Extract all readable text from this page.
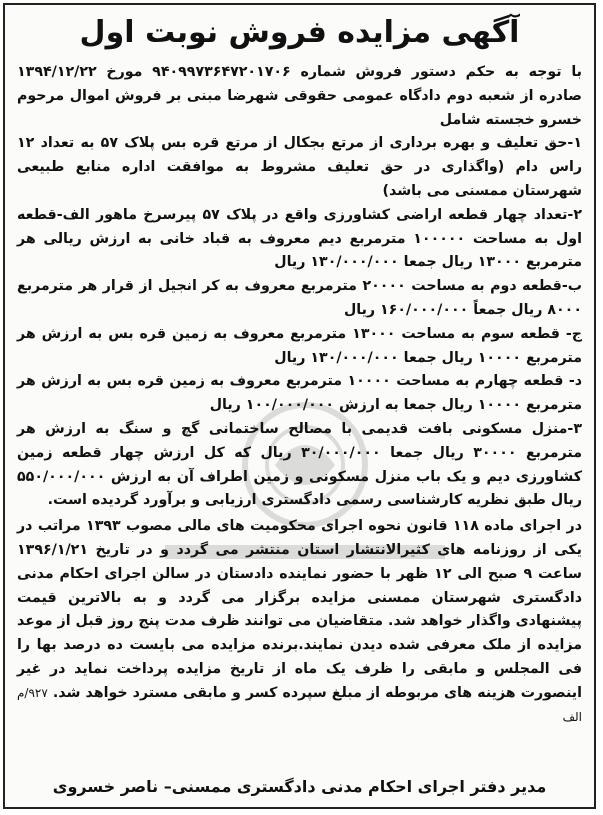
آگهی مزایده فروش نوبت اول

با توجه به حکم دستور فروش شماره ۹۴۰۹۹۷۳۶۴۷۲۰۱۷۰۶ مورخ ۱۳۹۴/۱۲/۲۲ صادره از شعبه دوم دادگاه عمومی حقوقی شهرضا مبنی بر فروش اموال مرحوم خسرو خجسته شامل

۱-حق تعلیف و بهره برداری از مرتع بجکال از مرتع قره بس پلاک ۵۷ به تعداد ۱۲ راس دام (واگذاری در حق تعلیف مشروط به موافقت اداره منابع طبیعی شهرستان ممسنی می باشد)

۲-تعداد چهار قطعه اراضی کشاورزی واقع در پلاک ۵۷ پیرسرخ ماهور الف-قطعه اول به مساحت ۱۰۰۰۰۰ مترمربع دیم معروف به قباد خانی به ارزش ریالی هر مترمربع ۱۳۰۰۰ ریال جمعا ۱۳۰/۰۰۰/۰۰۰ ریال

ب-قطعه دوم به مساحت ۲۰۰۰۰ مترمربع معروف به کر انجیل از قرار هر مترمربع ۸۰۰۰ ریال جمعاً ۱۶۰/۰۰۰/۰۰۰ ریال

ج- قطعه سوم به مساحت ۱۳۰۰۰ مترمربع معروف به زمین قره بس به ارزش هر مترمربع ۱۰۰۰۰ ریال جمعا ۱۳۰/۰۰۰/۰۰۰ ریال

د- قطعه چهارم به مساحت ۱۰۰۰۰ مترمربع معروف به زمین قره بس به ارزش هر مترمربع ۱۰۰۰۰ ریال جمعا به ارزش ۱۰۰/۰۰۰/۰۰۰ ریال

۳-منزل مسکونی بافت قدیمی با مصالح ساختمانی گچ و سنگ به ارزش هر مترمربع ۳۰۰۰۰ ریال جمعا ۳۰/۰۰۰/۰۰۰ ریال که کل ارزش چهار قطعه زمین کشاورزی دیم و یک باب منزل مسکونی و زمین اطراف آن به ارزش ۵۵۰/۰۰۰/۰۰۰ ریال طبق نظریه کارشناسی رسمی دادگستری ارزیابی و برآورد گردیده است.

در اجرای ماده ۱۱۸ قانون نحوه اجرای محکومیت های مالی مصوب ۱۳۹۳ مراتب در یکی از روزنامه های کثیرالانتشار استان منتشر می گردد و در تاریخ ۱۳۹۶/۱/۲۱ ساعت ۹ صبح الی ۱۲ ظهر با حضور نماینده دادستان در سالن اجرای احکام مدنی دادگستری شهرستان ممسنی مزایده برگزار می گردد و به بالاترین قیمت پیشنهادی واگذار خواهد شد. متقاضیان می توانند ظرف مدت پنج روز قبل از موعد مزایده از ملک معرفی شده دیدن نمایند.برنده مزایده می بایست ده درصد بها را فی المجلس و مابقی را ظرف یک ماه از تاریخ مزایده پرداخت نماید در غیر اینصورت هزینه های مربوطه از مبلغ سپرده کسر و مابقی مسترد خواهد شد. ۹۲۷/م الف

مدیر دفتر اجرای احکام مدنی دادگستری ممسنی– ناصر خسروی
